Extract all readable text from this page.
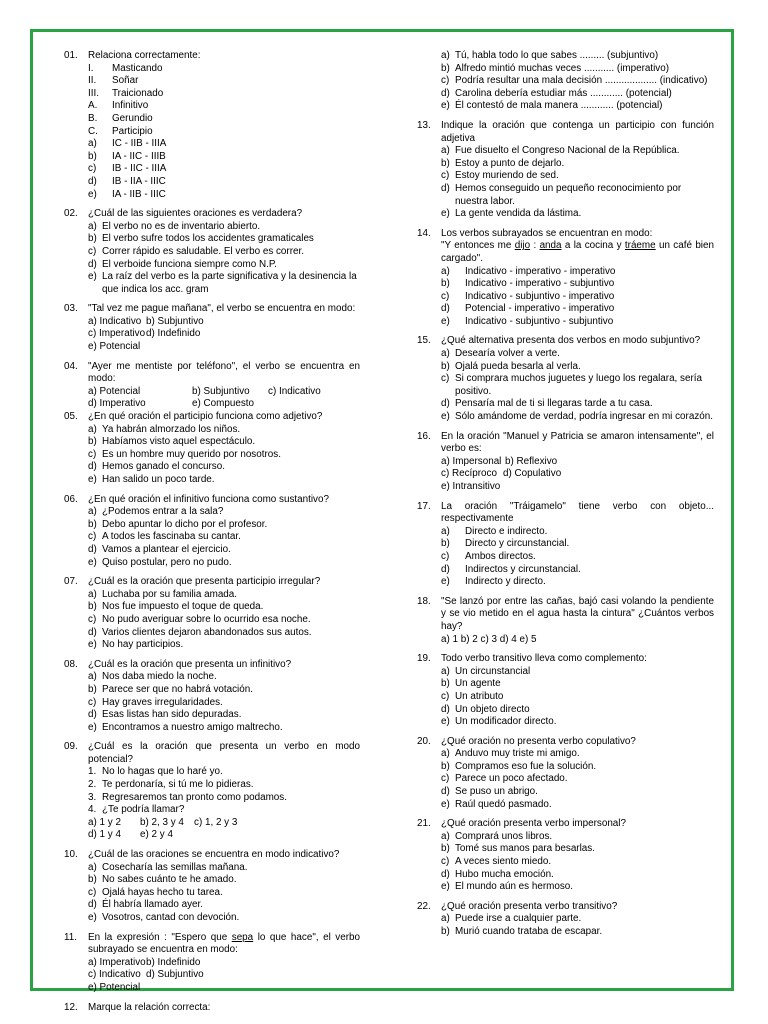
01. Relaciona correctamente:
I. Masticando
II. Soñar
III. Traicionado
A. Infinitivo
B. Gerundio
C. Participio
a) IC - IIB - IIIA
b) IA - IIC - IIIB
c) IB - IIC - IIIA
d) IB - IIA - IIIC
e) IA - IIB - IIIC
02. ¿Cuál de las siguientes oraciones es verdadera?
a) El verbo no es de inventario abierto.
b) El verbo sufre todos los accidentes gramaticales
c) Correr rápido es saludable. El verbo es correr.
d) El verboide funciona siempre como N.P.
e) La raíz del verbo es la parte significativa y la desinencia la que indica los acc. gram
03. "Tal vez me pague mañana", el verbo se encuentra en modo:
a) Indicativo b) Subjuntivo
c) Imperativo d) Indefinido
e) Potencial
04. "Ayer me mentiste por teléfono", el verbo se encuentra en modo:
a) Potencial	b) Subjuntivo	c) Indicativo
d) Imperativo	e) Compuesto
05. ¿En qué oración el participio funciona como adjetivo?
a) Ya habrán almorzado los niños.
b) Habíamos visto aquel espectáculo.
c) Es un hombre muy querido por nosotros.
d) Hemos ganado el concurso.
e) Han salido un poco tarde.
06. ¿En qué oración el infinitivo funciona como sustantivo?
a) ¿Podemos entrar a la sala?
b) Debo apuntar lo dicho por el profesor.
c) A todos les fascinaba su cantar.
d) Vamos a plantear el ejercicio.
e) Quiso postular, pero no pudo.
07. ¿Cuál es la oración que presenta participio irregular?
a) Luchaba por su familia amada.
b) Nos fue impuesto el toque de queda.
c) No pudo averiguar sobre lo ocurrido esa noche.
d) Varios clientes dejaron abandonados sus autos.
e) No hay participios.
08. ¿Cuál es la oración que presenta un infinitivo?
a) Nos daba miedo la noche.
b) Parece ser que no habrá votación.
c) Hay graves irregularidades.
d) Esas listas han sido depuradas.
e) Encontramos a nuestro amigo maltrecho.
09. ¿Cuál es la oración que presenta un verbo en modo potencial?
1. No lo hagas que lo haré yo.
2. Te perdonaría, si tú me lo pidieras.
3. Regresaremos tan pronto como podamos.
4. ¿Te podría llamar?
a) 1 y 2	b) 2, 3 y 4	c) 1, 2 y 3
d) 1 y 4	e) 2 y 4
10. ¿Cuál de las oraciones se encuentra en modo indicativo?
a) Cosecharía las semillas mañana.
b) No sabes cuánto te he amado.
c) Ojalá hayas hecho tu tarea.
d) Él habría llamado ayer.
e) Vosotros, cantad con devoción.
11. En la expresión : "Espero que sepa lo que hace", el verbo subrayado se encuentra en modo:
a) Imperativo b) Indefinido
c) Indicativo d) Subjuntivo
e) Potencial
12. Marque la relación correcta:
a) Tú, habla todo lo que sabes ......... (subjuntivo)
b) Alfredo mintió muchas veces ........... (imperativo)
c) Podría resultar una mala decisión ................... (indicativo)
d) Carolina debería estudiar más ............ (potencial)
e) Él contestó de mala manera ............ (potencial)
13. Indique la oración que contenga un participio con función adjetiva
a) Fue disuelto el Congreso Nacional de la República.
b) Estoy a punto de dejarlo.
c) Estoy muriendo de sed.
d) Hemos conseguido un pequeño reconocimiento por nuestra labor.
e) La gente vendida da lástima.
14. Los verbos subrayados se encuentran en modo:
"Y entonces me dijo : anda a la cocina y tráeme un café bien cargado".
a) Indicativo - imperativo - imperativo
b) Indicativo - imperativo - subjuntivo
c) Indicativo - subjuntivo - imperativo
d) Potencial - imperativo - imperativo
e) Indicativo - subjuntivo - subjuntivo
15. ¿Qué alternativa presenta dos verbos en modo subjuntivo?
a) Desearía volver a verte.
b) Ojalá pueda besarla al verla.
c) Si comprara muchos juguetes y luego los regalara, sería positivo.
d) Pensaría mal de ti si llegaras tarde a tu casa.
e) Sólo amándome de verdad, podría ingresar en mi corazón.
16. En la oración "Manuel y Patricia se amaron intensamente", el verbo es:
a) Impersonal b) Reflexivo
c) Recíproco d) Copulativo
e) Intransitivo
17. La oración "Tráigamelo" tiene verbo con objeto... respectivamente
a) Directo e indirecto.
b) Directo y circunstancial.
c) Ambos directos.
d) Indirectos y circunstancial.
e) Indirecto y directo.
18. "Se lanzó por entre las cañas, bajó casi volando la pendiente y se vio metido en el agua hasta la cintura" ¿Cuántos verbos hay?
a) 1 b) 2 c) 3 d) 4 e) 5
19. Todo verbo transitivo lleva como complemento:
a) Un circunstancial
b) Un agente
c) Un atributo
d) Un objeto directo
e) Un modificador directo.
20. ¿Qué oración no presenta verbo copulativo?
a) Anduvo muy triste mi amigo.
b) Compramos eso fue la solución.
c) Parece un poco afectado.
d) Se puso un abrigo.
e) Raúl quedó pasmado.
21. ¿Qué oración presenta verbo impersonal?
a) Comprará unos libros.
b) Tomé sus manos para besarlas.
c) A veces siento miedo.
d) Hubo mucha emoción.
e) El mundo aún es hermoso.
22. ¿Qué oración presenta verbo transitivo?
a) Puede irse a cualquier parte.
b) Murió cuando trataba de escapar.
